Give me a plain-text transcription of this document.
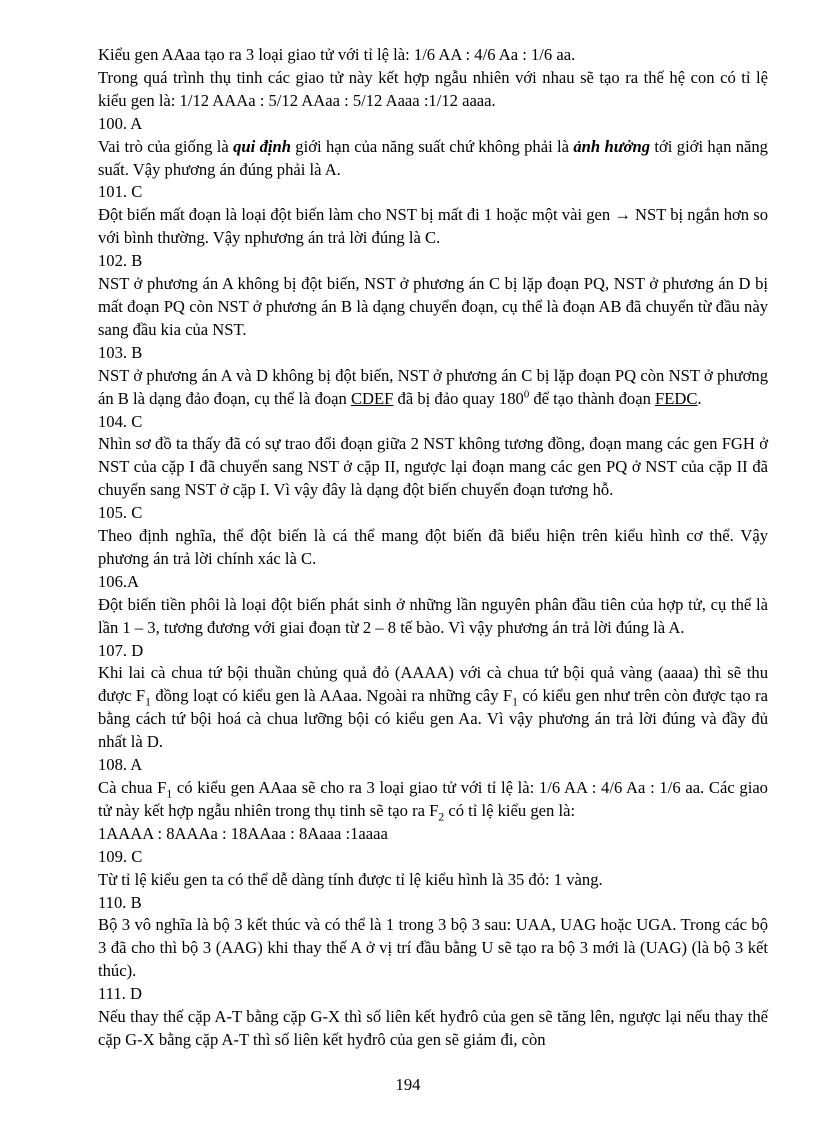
Kiểu gen AAaa tạo ra 3 loại giao tử với tỉ lệ là: 1/6 AA : 4/6 Aa : 1/6 aa.

Trong quá trình thụ tinh các giao tử này kết hợp ngẫu nhiên với nhau sẽ tạo ra thế hệ con có tỉ lệ kiểu gen là: 1/12 AAAa : 5/12 AAaa : 5/12 Aaaa :1/12 aaaa.

100. A

Vai trò của giống là qui định giới hạn của năng suất chứ không phải là ảnh hưởng tới giới hạn năng suất. Vậy phương án đúng phải là A.

101. C

Đột biến mất đoạn là loại đột biến làm cho NST bị mất đi 1 hoặc một vài gen → NST bị ngắn hơn so với bình thường. Vậy nphương án trả lời đúng là C.

102. B

NST ở phương án A không bị đột biến, NST ở phương án C bị lặp đoạn PQ, NST ở phương án D bị mất đoạn PQ còn NST ở phương án B là dạng chuyển đoạn, cụ thể là đoạn AB đã chuyển từ đầu này sang đầu kia của NST.

103. B

NST ở phương án A và D không bị đột biến, NST ở phương án C bị lặp đoạn PQ còn NST ở phương án B là dạng đảo đoạn, cụ thể là đoạn CDEF đã bị đảo quay $180^0$ để tạo thành đoạn FEDC.

104. C

Nhìn sơ đồ ta thấy đã có sự trao đổi đoạn giữa 2 NST không tương đồng, đoạn mang các gen FGH ở NST của cặp I đã chuyển sang NST ở cặp II, ngược lại đoạn mang các gen PQ ở NST của cặp II đã chuyển sang NST ở cặp I. Vì vậy đây là dạng đột biến chuyển đoạn tương hỗ.

105. C

Theo định nghĩa, thể đột biến là cá thể mang đột biến đã biểu hiện trên kiểu hình cơ thể. Vậy phương án trả lời chính xác là C.

106.A

Đột biến tiền phôi là loại đột biến phát sinh ở những lần nguyên phân đầu tiên của hợp tử, cụ thể là lần 1 – 3, tương đương với giai đoạn từ 2 – 8 tế bào. Vì vậy phương án trả lời đúng là A.

107. D

Khi lai cà chua tứ bội thuần chủng quả đỏ (AAAA) với cà chua tứ bội quả vàng (aaaa) thì sẽ thu được $F_1$ đồng loạt có kiểu gen là AAaa. Ngoài ra những cây $F_1$ có kiểu gen như trên còn được tạo ra bằng cách tứ bội hoá cà chua lưỡng bội có kiểu gen Aa. Vì vậy phương án trả lời đúng và đầy đủ nhất là D.

108. A

Cà chua $F_1$ có kiểu gen AAaa sẽ cho ra 3 loại giao tử với tỉ lệ là: 1/6 AA : 4/6 Aa : 1/6 aa. Các giao tử này kết hợp ngẫu nhiên trong thụ tinh sẽ tạo ra $F_2$ có tỉ lệ kiểu gen là:

1AAAA : 8AAAa : 18AAaa : 8Aaaa :1aaaa

109. C

Từ tỉ lệ kiểu gen ta có thể dễ dàng tính được tỉ lệ kiểu hình là 35 đỏ: 1 vàng.

110. B

Bộ 3 vô nghĩa là bộ 3 kết thúc và có thể là 1 trong 3 bộ 3 sau: UAA, UAG hoặc UGA. Trong các bộ 3 đã cho thì bộ 3 (AAG) khi thay thế A ở vị trí đầu bằng U sẽ tạo ra bộ 3 mới là (UAG) (là bộ 3 kết thúc).

111. D

Nếu thay thế cặp A-T bằng cặp G-X thì số liên kết hyđrô của gen sẽ tăng lên, ngược lại nếu thay thế cặp G-X bằng cặp A-T thì số liên kết hyđrô của gen sẽ giảm đi, còn

194
